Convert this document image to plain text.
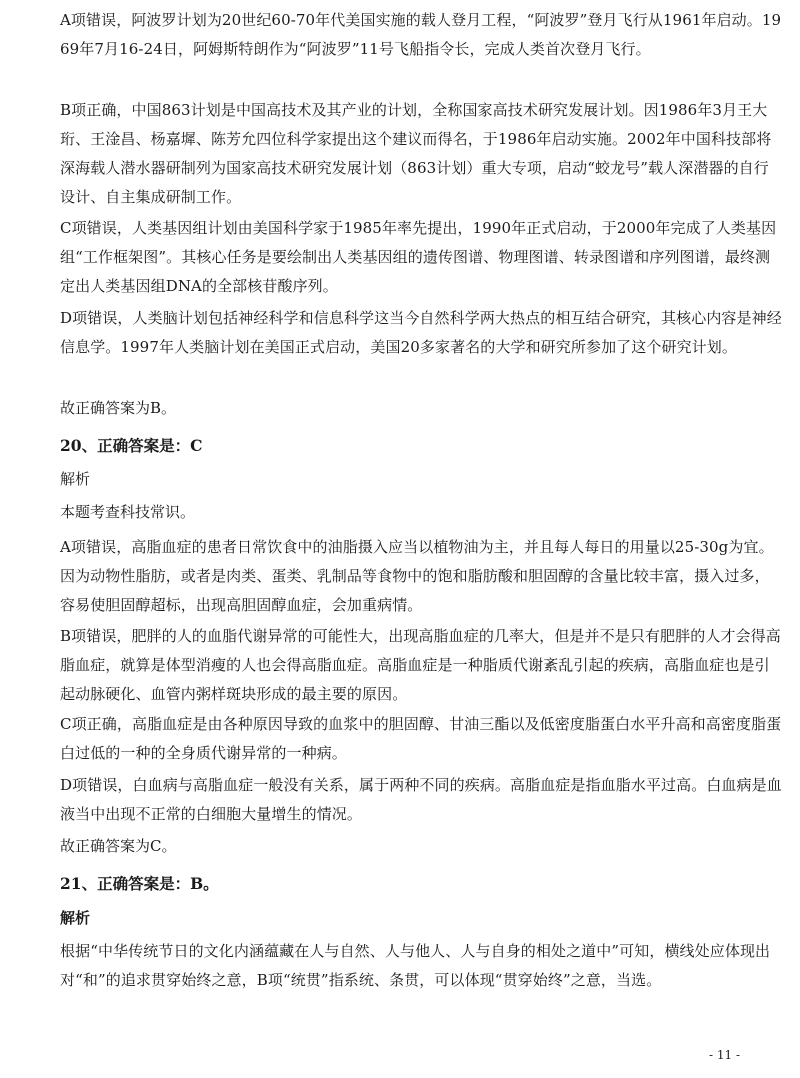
A项错误，阿波罗计划为20世纪60-70年代美国实施的载人登月工程，“阿波罗”登月飞行从1961年启动。1969年7月16-24日，阿姆斯特朗作为“阿波罗”11号飞船指令长，完成人类首次登月飞行。

B项正确，中国863计划是中国高技术及其产业的计划，全称国家高技术研究发展计划。因1986年3月王大珩、王淦昌、杨嘉墀、陈芳允四位科学家提出这个建议而得名，于1986年启动实施。2002年中国科技部将深海载人潜水器研制列为国家高技术研究发展计划（863计划）重大专项，启动“蛟龙号”载人深潜器的自行设计、自主集成研制工作。

C项错误，人类基因组计划由美国科学家于1985年率先提出，1990年正式启动，于2000年完成了人类基因组“工作框架图”。其核心任务是要绘制出人类基因组的遗传图谱、物理图谱、转录图谱和序列图谱，最终测定出人类基因组DNA的全部核苷酸序列。

D项错误，人类脑计划包括神经科学和信息科学这当今自然科学两大热点的相互结合研究，其核心内容是神经信息学。1997年人类脑计划在美国正式启动，美国20多家著名的大学和研究所参加了这个研究计划。

故正确答案为B。

20、正确答案是：C

解析

本题考查科技常识。

A项错误，高脂血症的患者日常饮食中的油脂摄入应当以植物油为主，并且每人每日的用量以25-30g为宜。因为动物性脂肪，或者是肉类、蛋类、乳制品等食物中的饱和脂肪酸和胆固醇的含量比较丰富，摄入过多，容易使胆固醇超标，出现高胆固醇血症，会加重病情。

B项错误，肥胖的人的血脂代谢异常的可能性大，出现高脂血症的几率大，但是并不是只有肥胖的人才会得高脂血症，就算是体型消瘦的人也会得高脂血症。高脂血症是一种脂质代谢紊乱引起的疾病，高脂血症也是引起动脉硬化、血管内粥样斑块形成的最主要的原因。

C项正确，高脂血症是由各种原因导致的血浆中的胆固醇、甘油三酯以及低密度脂蛋白水平升高和高密度脂蛋白过低的一种的全身质代谢异常的一种病。

D项错误，白血病与高脂血症一般没有关系，属于两种不同的疾病。高脂血症是指血脂水平过高。白血病是血液当中出现不正常的白细胞大量增生的情况。

故正确答案为C。

21、正确答案是：B。

解析

根据“中华传统节日的文化内涵蕴藏在人与自然、人与他人、人与自身的相处之道中”可知，横线处应体现出对“和”的追求贯穿始终之意，B项“统贯”指系统、条贯，可以体现“贯穿始终”之意，当选。

- 11 -
